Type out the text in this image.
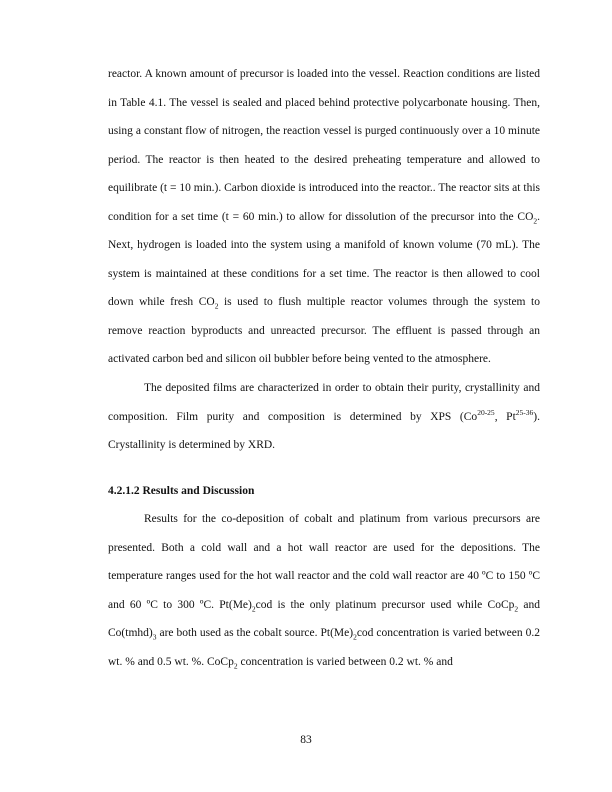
reactor. A known amount of precursor is loaded into the vessel. Reaction conditions are listed in Table 4.1. The vessel is sealed and placed behind protective polycarbonate housing. Then, using a constant flow of nitrogen, the reaction vessel is purged continuously over a 10 minute period. The reactor is then heated to the desired preheating temperature and allowed to equilibrate (t = 10 min.). Carbon dioxide is introduced into the reactor.. The reactor sits at this condition for a set time (t = 60 min.) to allow for dissolution of the precursor into the $CO_2$. Next, hydrogen is loaded into the system using a manifold of known volume (70 mL). The system is maintained at these conditions for a set time. The reactor is then allowed to cool down while fresh $CO_2$ is used to flush multiple reactor volumes through the system to remove reaction byproducts and unreacted precursor. The effluent is passed through an activated carbon bed and silicon oil bubbler before being vented to the atmosphere.

The deposited films are characterized in order to obtain their purity, crystallinity and composition. Film purity and composition is determined by XPS (Co$^{20-25}$, Pt$^{25-36}$). Crystallinity is determined by XRD.

4.2.1.2 Results and Discussion

Results for the co-deposition of cobalt and platinum from various precursors are presented. Both a cold wall and a hot wall reactor are used for the depositions. The temperature ranges used for the hot wall reactor and the cold wall reactor are 40 ºC to 150 ºC and 60 ºC to 300 ºC. $Pt(Me)_2cod$ is the only platinum precursor used while CoCp$_2$ and $Co(tmhd)_3$ are both used as the cobalt source. $Pt(Me)_2cod$ concentration is varied between 0.2 wt. % and 0.5 wt. %. CoCp$_2$ concentration is varied between 0.2 wt. % and

83
